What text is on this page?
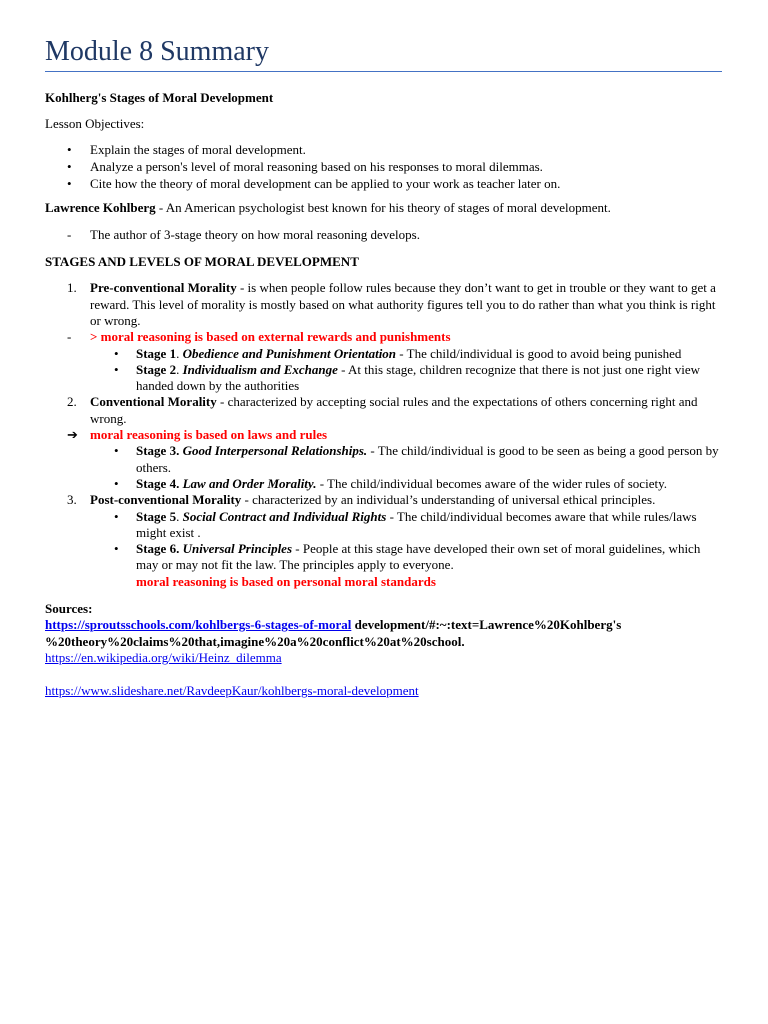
Module 8 Summary
Kohlherg's Stages of Moral Development
Lesson Objectives:
• Explain the stages of moral development.
• Analyze a person's level of moral reasoning based on his responses to moral dilemmas.
• Cite how the theory of moral development can be applied to your work as teacher later on.
Lawrence Kohlberg - An American psychologist best known for his theory of stages of moral development.
- The author of 3-stage theory on how moral reasoning develops.
STAGES AND LEVELS OF MORAL DEVELOPMENT
1. Pre-conventional Morality - is when people follow rules because they don’t want to get in trouble or they want to get a reward. This level of morality is mostly based on what authority figures tell you to do rather than what you think is right or wrong.
- > moral reasoning is based on external rewards and punishments
• Stage 1. Obedience and Punishment Orientation - The child/individual is good to avoid being punished
• Stage 2. Individualism and Exchange - At this stage, children recognize that there is not just one right view handed down by the authorities
2. Conventional Morality - characterized by accepting social rules and the expectations of others concerning right and wrong.
➔ moral reasoning is based on laws and rules
• Stage 3. Good Interpersonal Relationships. - The child/individual is good to be seen as being a good person by others.
• Stage 4. Law and Order Morality. - The child/individual becomes aware of the wider rules of society.
3. Post-conventional Morality - characterized by an individual’s understanding of universal ethical principles.
• Stage 5. Social Contract and Individual Rights - The child/individual becomes aware that while rules/laws might exist .
• Stage 6. Universal Principles - People at this stage have developed their own set of moral guidelines, which may or may not fit the law. The principles apply to everyone.
moral reasoning is based on personal moral standards
Sources:
https://sproutsschools.com/kohlbergs-6-stages-of-moral development/#:~:text=Lawrence%20Kohlberg's %20theory%20claims%20that,imagine%20a%20conflict%20at%20school.
https://en.wikipedia.org/wiki/Heinz_dilemma
https://www.slideshare.net/RavdeepKaur/kohlbergs-moral-development
